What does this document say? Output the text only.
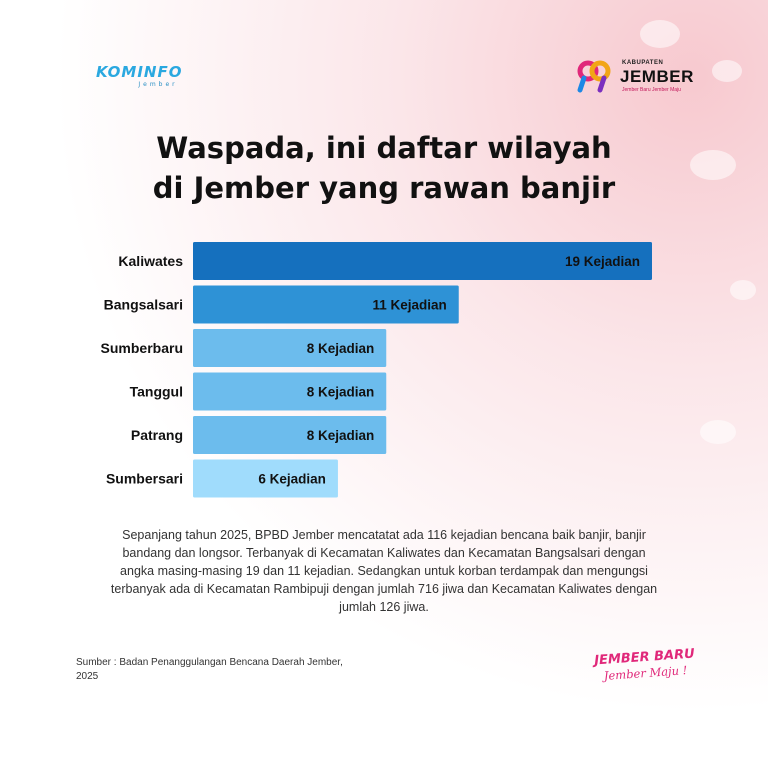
KOMINFO
Jember
KABUPATEN
JEMBER
Jember Baru Jember Maju
Waspada, ini daftar wilayah
di Jember yang rawan banjir
Kaliwates	19 Kejadian
Bangsalsari	11 Kejadian
Sumberbaru	8 Kejadian
Tanggul	8 Kejadian
Patrang	8 Kejadian
Sumbersari	6 Kejadian
Sepanjang tahun 2025, BPBD Jember mencatatat ada 116 kejadian bencana baik banjir, banjir bandang dan longsor. Terbanyak di Kecamatan Kaliwates dan Kecamatan Bangsalsari dengan angka masing-masing 19 dan 11 kejadian. Sedangkan untuk korban terdampak dan mengungsi terbanyak ada di Kecamatan Rambipuji dengan jumlah 716 jiwa dan Kecamatan Kaliwates dengan jumlah 126 jiwa.
Sumber : Badan Penanggulangan Bencana Daerah Jember, 2025
JEMBER BARU
Jember Maju !
